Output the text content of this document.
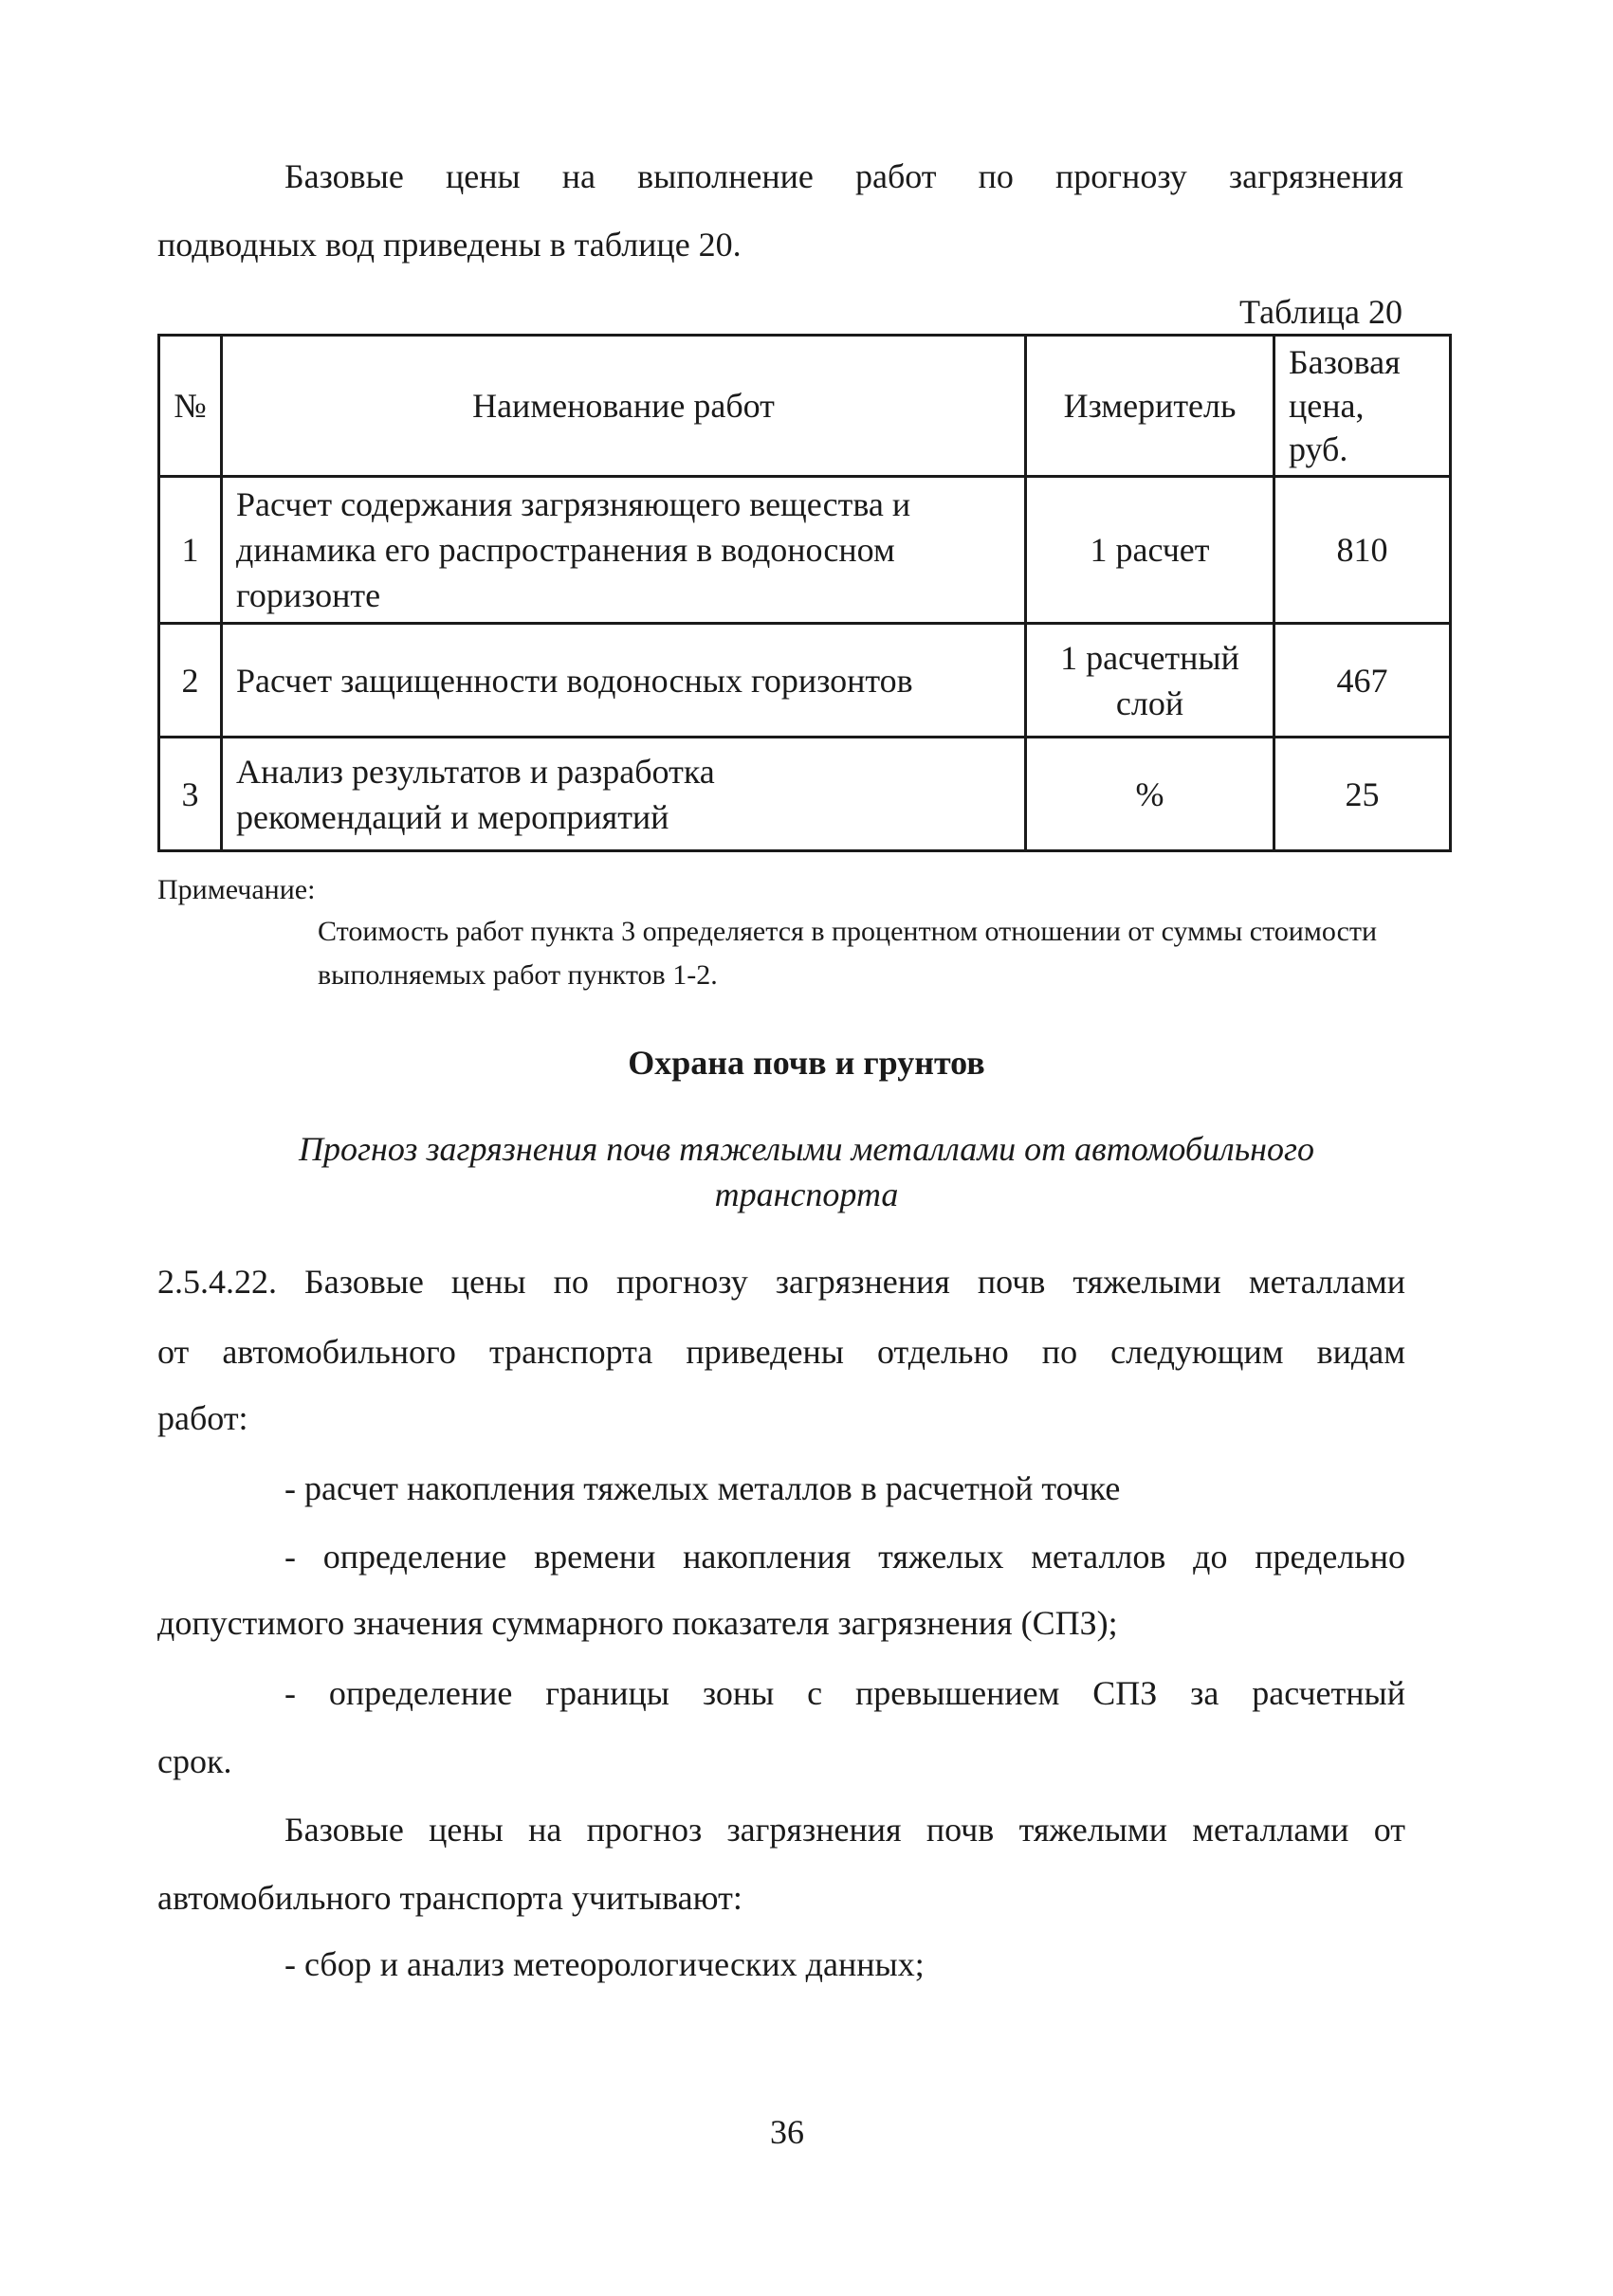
Базовые цены на выполнение работ по прогнозу загрязнения

подводных вод приведены в таблице 20.

Таблица 20
№	Наименование работ	Измеритель	Базовая
цена,
руб.

1	Расчет содержания загрязняющего вещества и
динамика его распространения в водоносном
горизонте	1 расчет	810
2	Расчет защищенности водоносных горизонтов	1 расчетный
слой	467
3	Анализ результатов и разработка
рекомендаций и мероприятий	%	25
Примечание:
Стоимость работ пункта 3 определяется в процентном отношении от суммы стоимости выполняемых работ пунктов 1-2.
Охрана почв и грунтов
Прогноз загрязнения почв тяжелыми металлами от автомобильного
транспорта

2.5.4.22. Базовые цены по прогнозу загрязнения почв тяжелыми металлами

от автомобильного транспорта приведены отдельно по следующим видам

работ:

- расчет накопления тяжелых металлов в расчетной точке

- определение времени накопления тяжелых металлов до предельно

допустимого значения суммарного показателя загрязнения (СПЗ);

- определение границы зоны с превышением СПЗ за расчетный

срок.

Базовые цены на прогноз загрязнения почв тяжелыми металлами от

автомобильного транспорта учитывают:

- сбор и анализ метеорологических данных;

36
